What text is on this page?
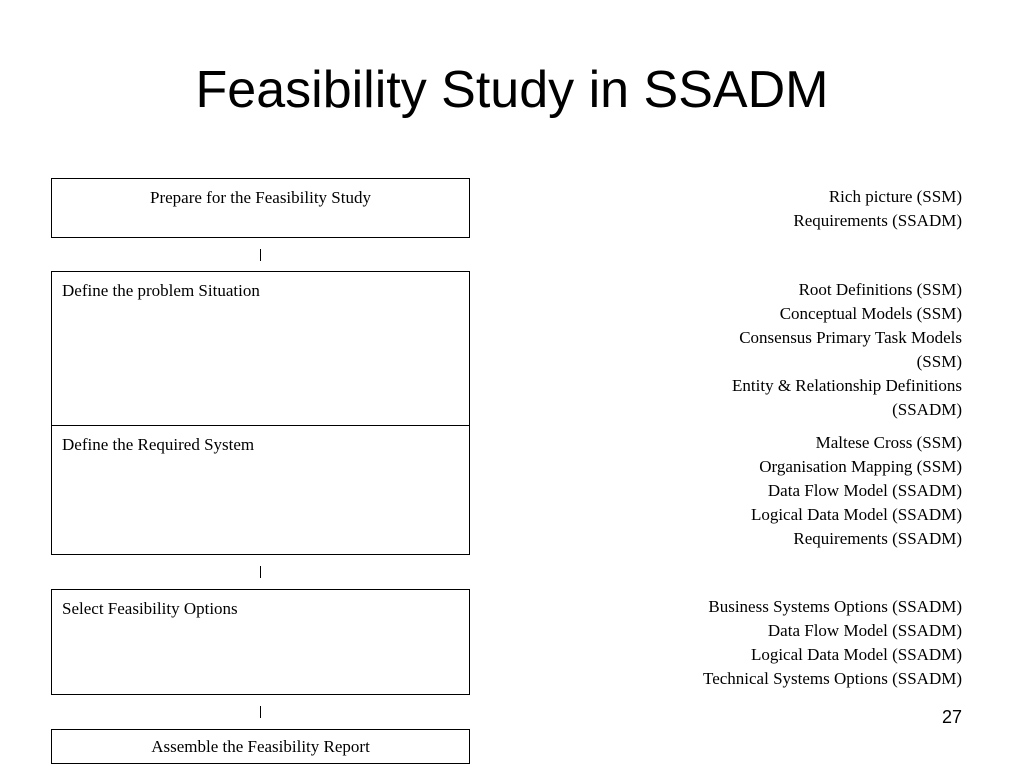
Feasibility Study in SSADM
Prepare for the Feasibility Study
Define the problem Situation
Define the Required System
Select Feasibility Options
Assemble the Feasibility Report
Rich picture (SSM)
Requirements (SSADM)
Root Definitions (SSM)
Conceptual Models (SSM)
Consensus Primary Task Models
(SSM)
Entity & Relationship Definitions
(SSADM)
Maltese Cross (SSM)
Organisation Mapping (SSM)
Data Flow Model (SSADM)
Logical Data Model (SSADM)
Requirements (SSADM)
Business Systems Options (SSADM)
Data Flow Model (SSADM)
Logical Data Model (SSADM)
Technical Systems Options (SSADM)
27
